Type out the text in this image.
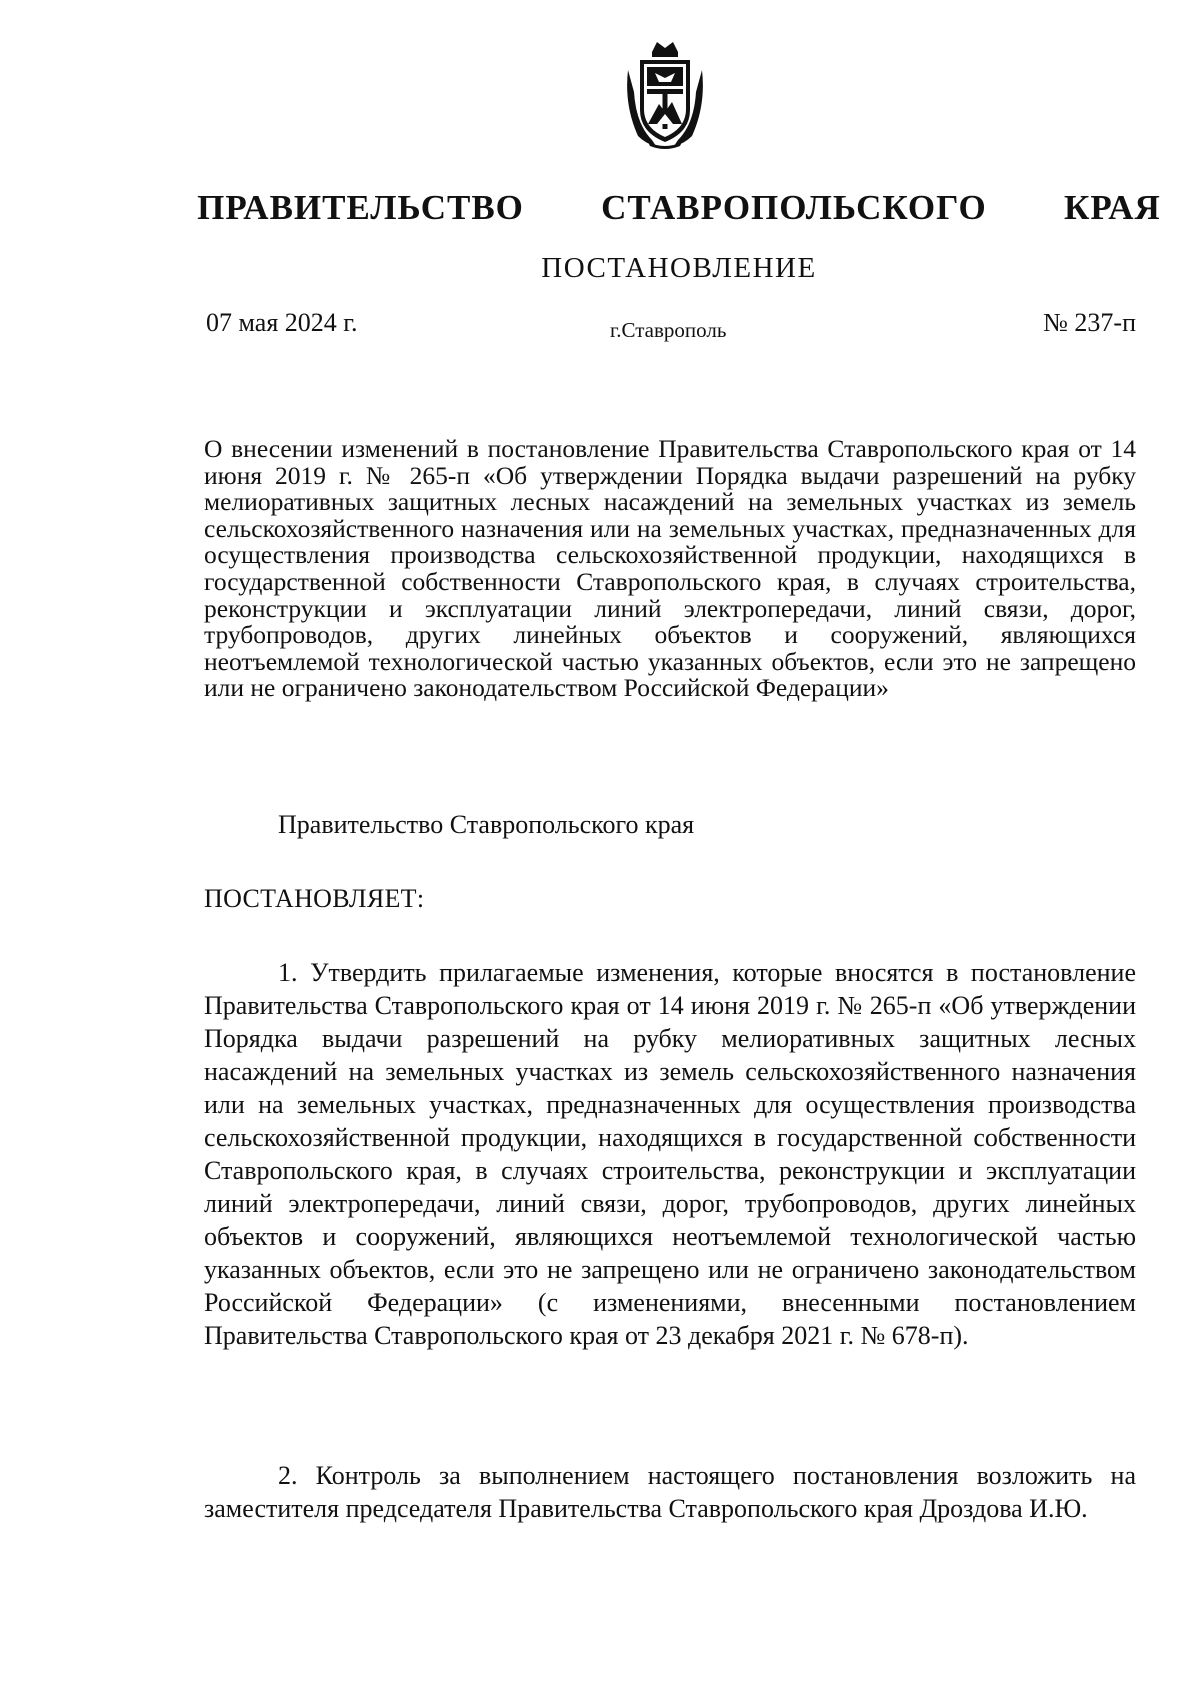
ПРАВИТЕЛЬСТВО   СТАВРОПОЛЬСКОГО   КРАЯ
ПОСТАНОВЛЕНИЕ
07 мая 2024 г.	г.Ставрополь	№ 237-п
О внесении изменений в постановление Правительства Ставропольского края от 14 июня 2019 г. № 265-п «Об утверждении Порядка выдачи разрешений на рубку мелиоративных защитных лесных насаждений на земельных участках из земель сельскохозяйственного назначения или на земельных участках, предназначенных для осуществления производства сельскохозяйственной продукции, находящихся в государственной собственности Ставропольского края, в случаях строительства, реконструкции и эксплуатации линий электропередачи, линий связи, дорог, трубопроводов, других линейных объектов и сооружений, являющихся неотъемлемой технологической частью указанных объектов, если это не запрещено или не ограничено законодательством Российской Федерации»
Правительство Ставропольского края
ПОСТАНОВЛЯЕТ:
1. Утвердить прилагаемые изменения, которые вносятся в постановление Правительства Ставропольского края от 14 июня 2019 г. № 265-п «Об утверждении Порядка выдачи разрешений на рубку мелиоративных защитных лесных насаждений на земельных участках из земель сельскохозяйственного назначения или на земельных участках, предназначенных для осуществления производства сельскохозяйственной продукции, находящихся в государственной собственности Ставропольского края, в случаях строительства, реконструкции и эксплуатации линий электропередачи, линий связи, дорог, трубопроводов, других линейных объектов и сооружений, являющихся неотъемлемой технологической частью указанных объектов, если это не запрещено или не ограничено законодательством Российской Федерации» (с изменениями, внесенными постановлением Правительства Ставропольского края от 23 декабря 2021 г. № 678-п).
2. Контроль за выполнением настоящего постановления возложить на заместителя председателя Правительства Ставропольского края Дроздова И.Ю.
